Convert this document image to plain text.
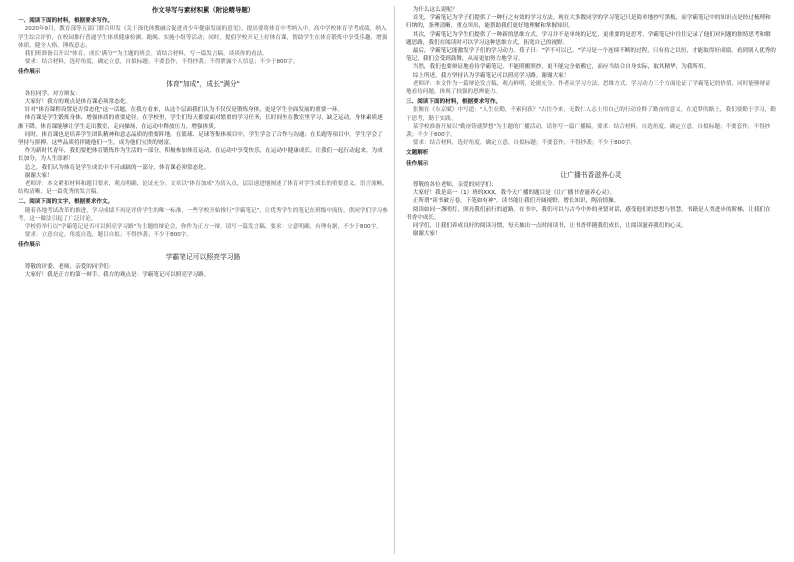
作文导写与素材积累（附论精导题）
一、阅读下面的材料，根据要求写作。

2020年9月，教育部等五部门联合印发《关于深化体教融合促进青少年健康发展的意见》，提出要将体育中考纳入中，高中学校体育学考成绩，纳入学生综合评价，在校园推行普通学生体质健康检测、跑绳、实施小组等活动；同时，提倡学校开足上好体育课，帮助学生在体育锻炼中享受乐趣、增强体质、健全人格、锤炼意志。

我们班准备召开以"体育，成长'满分'"为主题的班会。请结合材料，写一篇发言稿，谈谈你的看法。

要求：结合材料，选好角度，确定立意，自拟标题；不要套作，不得抄袭；不得泄露个人信息；不少于800字。

佳作展示
体育"加成"，成长"满分"

各位同学、对方辩友：

大家好！我方的观点是体育课必须常态化。

针对"体育课程设置是否常态化"这一话题，在我方看来，从这个层面我们认为不仅仅是锻炼身体，更是学生全面发展的重要一环。

体育课是学生锻炼身体、增强体质的重要途径。在学校里，学生们每天都要面对繁重的学习任务，长时间坐在教室里学习，缺乏运动，身体素质逐渐下降。体育课能够让学生走出教室，走向操场，在运动中释放压力，增强体质。

同时，体育课也是培养学生团队精神和意志品质的重要阵地。在篮球、足球等集体项目中，学生学会了合作与沟通；在长跑等项目中，学生学会了坚持与拼搏。这些品质将伴随他们一生，成为他们宝贵的财富。

作为新时代青年，我们要把体育锻炼作为生活的一部分，积极参加体育运动，在运动中享受快乐，在运动中健康成长。让我们一起行动起来，为成长加分，为人生添彩！

总之，我们认为体育是学生成长中不可或缺的一部分，体育课必须常态化。

谢谢大家！

老师评：本文紧扣材料和题目要求，观点明确，论证充分。文章以"体育加成"为切入点，层层递进地阐述了体育对学生成长的重要意义，语言流畅，结构清晰，是一篇优秀的发言稿。

二、阅读下面的文字，根据要求作文。

随着各地考试改革的推进，学习成绩不再是评价学生的唯一标准，一些学校开始推行"学霸笔记"，让优秀学生的笔记在班级中流传，供同学们学习参考。这一做法引起了广泛讨论。

学校将举行以"学霸笔记是否可以照亮学习路"为主题的辩论会，你作为正方一辩，请写一篇发言稿。要求：立意明确，有理有据，不少于800字。

要求：立意自定，角度自选，题目自拟；不得抄袭；不少于800字。

佳作展示
学霸笔记可以照亮学习路

尊敬的评委、老师，亲爱的同学们：

大家好！我是正方的第一辩手。我方的观点是：学霸笔记可以照亮学习路。

为什么这么说呢？

首先，学霸笔记为学子们提供了一种行之有效的学习方法。现在大多数同学的学习笔记只是简单地抄写黑板，而学霸笔记中的知识点是经过梳理和归纳的，条理清晰，重点突出，能帮助我们更好地理解和掌握知识。

其次，学霸笔记为学生们提供了一种新的思维方式。学习并不是单纯的记忆，更重要的是思考。学霸笔记中往往记录了他们对问题的独特思考和解题思路，我们在阅读时可以学习这种思维方式，拓宽自己的视野。

最后，学霸笔记能激发学子们的学习动力。荀子曰："学不可以已。"学习是一个连续不断的过程，只有持之以恒，才能取得好成绩。看到别人优秀的笔记，我们会受到鼓舞，从而更加努力地学习。

当然，我们也要辩证地看待学霸笔记。不能照搬照抄，更不能完全依赖它，而应当结合自身实际，取其精华，为我所用。

综上所述，我方坚持认为学霸笔记可以照亮学习路。谢谢大家！

老师评：本文作为一篇辩论发言稿，观点鲜明，论据充分。作者从学习方法、思维方式、学习动力三个方面论证了学霸笔记的价值，同时能够辩证地看待问题，体现了较强的思辨能力。

三、阅读下面的材料，根据要求写作。

张衡在《东京赋》中写道："人生在勤，不索何获？"古往今来，无数仁人志士用自己的行动诠释了勤奋的意义。在追梦的路上，我们要勤于学习，勤于思考，勤于实践。

某学校准备开展以"勤奋铸就梦想"为主题的广播活动，请你写一篇广播稿。要求：结合材料，自选角度，确定立意，自拟标题；不要套作，不得抄袭；不少于800字。

要求：结合材料，选好角度，确定立意，自拟标题；不要套作，不得抄袭；不少于800字。

文题解析
佳作展示
让广播书香滋养心灵

尊敬的各位老师，亲爱的同学们：

大家好！我是高一（1）班的XXX，我今天广播的题目是《让广播书香滋养心灵》。

正所谓"读书破万卷，下笔如有神"。读书能让我们开阔视野，增长知识，陶冶情操。

阅读如同一盏明灯，照亮我们前行的道路。在书中，我们可以与古今中外的圣贤对话，感受他们的思想与智慧。书籍是人类进步的阶梯，让我们在书香中成长。

同学们，让我们养成良好的阅读习惯，每天抽出一点时间读书，让书香伴随我们成长，让阅读滋养我们的心灵。

谢谢大家！
